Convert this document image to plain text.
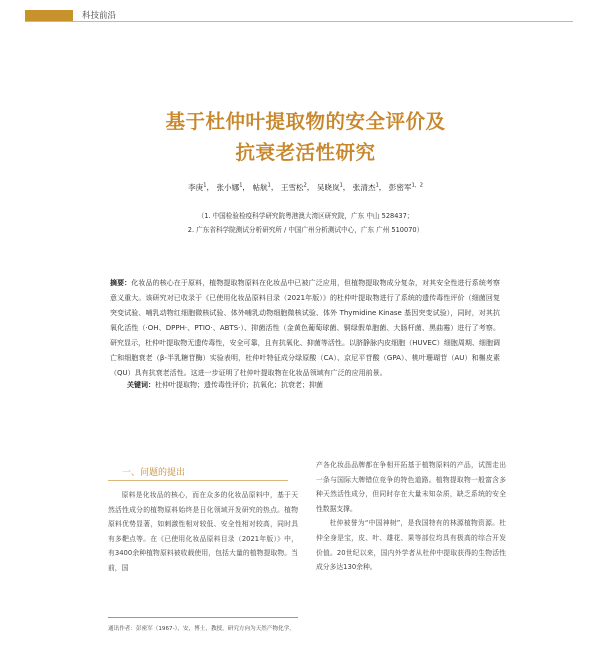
科技前沿
基于杜仲叶提取物的安全评价及
抗衰老活性研究
李庚$^1$， 张小娜$^1$， 帖航$^1$， 王雪松$^2$， 吴晓岚$^1$， 张清杰$^1$， 彭密军$^{1,2}$
（1. 中国检验检疫科学研究院粤港澳大湾区研究院，广东 中山 528437；
2. 广东省科学院测试分析研究所 / 中国广州分析测试中心，广东 广州 510070）
摘要：化妆品的核心在于原料，植物提取物原料在化妆品中已被广泛应用，但植物提取物成分复杂，对其安全性进行系统考察意义重大。该研究对已收录于《已使用化妆品原料目录（2021年版）》的杜仲叶提取物进行了系统的遗传毒性评价（细菌回复突变试验、哺乳动物红细胞微核试验、体外哺乳动物细胞微核试验、体外 Thymidine Kinase 基因突变试验），同时，对其抗氧化活性（·OH、DPPH·、PTIO·、ABTS·）、抑菌活性（金黄色葡萄球菌、铜绿假单胞菌、大肠杆菌、黑曲霉）进行了考察。研究显示，杜仲叶提取物无遗传毒性，安全可靠，且有抗氧化、抑菌等活性。以脐静脉内皮细胞（HUVEC）细胞周期、细胞调亡和细胞衰老（β-半乳糖苷酶）实验表明，杜仲叶特征成分绿原酸（CA）、京尼平苷酸（GPA）、桃叶珊瑚苷（AU）和槲皮素（QU）具有抗衰老活性。这进一步证明了杜仲叶提取物在化妆品领域有广泛的应用前景。
关键词：杜仲叶提取物；遗传毒性评价；抗氧化；抗衰老；抑菌
一、问题的提出
原料是化妆品的核心，而在众多的化妆品原料中，基于天然活性成分的植物原料始终是日化领域开发研究的热点。植物原料优势显著，如刺激性相对较低、安全性相对较高，同时具有多靶点等。在《已使用化妆品原料目录（2021年版）》中，有3400余种植物原料被收载使用，包括大量的植物提取物。当前，国
产各化妆品品牌都在争相开拓基于植物原料的产品，试图走出一条与国际大牌错位竞争的特色道路。植物提取物一般富含多种天然活性成分，但同时存在大量未知杂质，缺乏系统的安全性数据支撑。
杜仲被誉为“中国神树”，是我国特有的林源植物资源。杜仲全身是宝，皮、叶、雄花、果等部位均具有极高的综合开发价值。20世纪以来，国内外学者从杜仲中提取获得的生物活性成分多达130余种。
通讯作者：彭密军（1967-），安，博士，教授，研究方向为天然产物化学。
